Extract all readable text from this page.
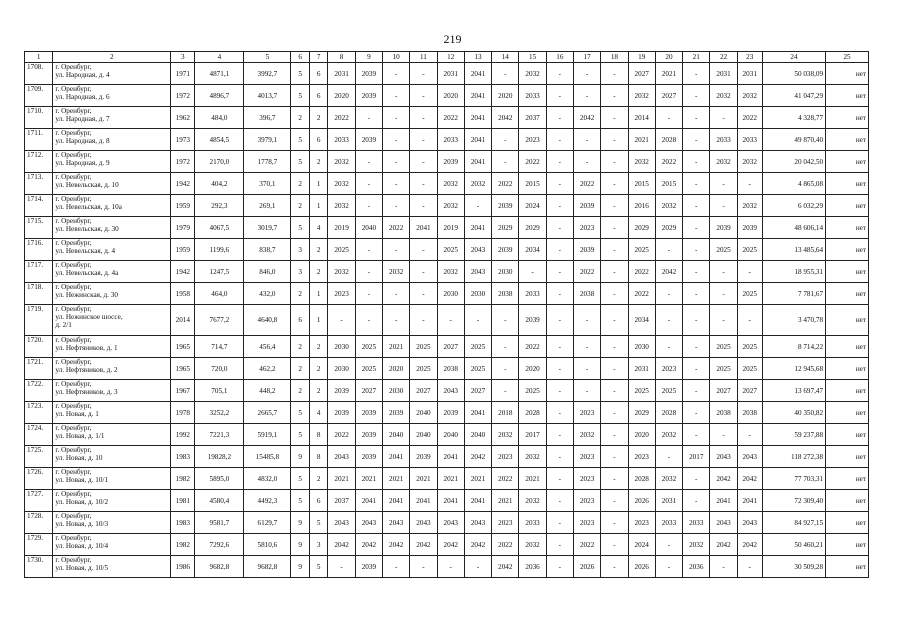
219
1	2	3	4	5	6	7	8	9	10	11	12	13	14	15	16	17	18	19	20	21	22	23	24	25
1708.	г. Оренбург,
ул. Народная, д. 4	1971	4871,1	3992,7	5	6	2031	2039	-	-	2031	2041	-	2032	-	-	-	2027	2021	-	2031	2031	50 038,09	нет
1709.	г. Оренбург,
ул. Народная, д. 6	1972	4896,7	4013,7	5	6	2020	2039	-	-	2020	2041	2020	2033	-	-	-	2032	2027	-	2032	2032	41 047,29	нет
1710.	г. Оренбург,
ул. Народная, д. 7	1962	484,0	396,7	2	2	2022	-	-	-	2022	2041	2042	2037	-	2042	-	2014	-	-	-	2022	4 328,77	нет
1711.	г. Оренбург,
ул. Народная, д. 8	1973	4854,5	3979,1	5	6	2033	2039	-	-	2033	2041	-	2023	-	-	-	2021	2028	-	2033	2033	49 870,40	нет
1712.	г. Оренбург,
ул. Народная, д. 9	1972	2170,0	1778,7	5	2	2032	-	-	-	2039	2041	-	2022	-	-	-	2032	2022	-	2032	2032	20 042,50	нет
1713.	г. Оренбург,
ул. Невельская, д. 10	1942	404,2	370,1	2	1	2032	-	-	-	2032	2032	2022	2015	-	2022	-	2015	2015	-	-	-	4 865,08	нет
1714.	г. Оренбург,
ул. Невельская, д. 10а	1959	292,3	269,1	2	1	2032	-	-	-	2032	-	2039	2024	-	2039	-	2016	2032	-	-	2032	6 032,29	нет
1715.	г. Оренбург,
ул. Невельская, д. 30	1979	4067,5	3019,7	5	4	2019	2040	2022	2041	2019	2041	2029	2029	-	2023	-	2029	2029	-	2039	2039	48 606,14	нет
1716.	г. Оренбург,
ул. Невельская, д. 4	1959	1199,6	838,7	3	2	2025	-	-	-	2025	2043	2039	2034	-	2039	-	2025	-	-	2025	2025	13 485,64	нет
1717.	г. Оренбург,
ул. Невельская, д. 4а	1942	1247,5	846,0	3	2	2032	-	2032	-	2032	2043	2030	-	-	2022	-	2022	2042	-	-	-	18 955,31	нет
1718.	г. Оренбург,
ул. Нежинская, д. 30	1958	464,0	432,0	2	1	2023	-	-	-	2030	2030	2038	2033	-	2038	-	2022	-	-	-	2025	7 781,67	нет
1719.	г. Оренбург,
ул. Нежинское шоссе,
д. 2/1	2014	7677,2	4640,8	6	1	-	-	-	-	-	-	-	2039	-	-	-	2034	-	-	-	-	3 470,78	нет
1720.	г. Оренбург,
ул. Нефтяников, д. 1	1965	714,7	456,4	2	2	2030	2025	2021	2025	2027	2025	-	2022	-	-	-	2030	-	-	2025	2025	8 714,22	нет
1721.	г. Оренбург,
ул. Нефтяников, д. 2	1965	720,0	462,2	2	2	2030	2025	2020	2025	2038	2025	-	2020	-	-	-	2031	2023	-	2025	2025	12 945,68	нет
1722.	г. Оренбург,
ул. Нефтяников, д. 3	1967	705,1	448,2	2	2	2039	2027	2030	2027	2043	2027	-	2025	-	-	-	2025	2025	-	2027	2027	13 697,47	нет
1723.	г. Оренбург,
ул. Новая, д. 1	1978	3252,2	2665,7	5	4	2039	2039	2039	2040	2039	2041	2018	2028	-	2023	-	2029	2028	-	2038	2038	40 350,82	нет
1724.	г. Оренбург,
ул. Новая, д. 1/1	1992	7221,3	5919,1	5	8	2022	2039	2040	2040	2040	2040	2032	2017	-	2032	-	2020	2032	-	-	-	59 237,88	нет
1725.	г. Оренбург,
ул. Новая, д. 10	1983	19828,2	15485,8	9	8	2043	2039	2041	2039	2041	2042	2023	2032	-	2023	-	2023	-	2017	2043	2043	118 272,38	нет
1726.	г. Оренбург,
ул. Новая, д. 10/1	1982	5895,0	4832,0	5	2	2021	2021	2021	2021	2021	2021	2022	2021	-	2023	-	2028	2032	-	2042	2042	77 703,31	нет
1727.	г. Оренбург,
ул. Новая, д. 10/2	1981	4580,4	4492,3	5	6	2037	2041	2041	2041	2041	2041	2021	2032	-	2023	-	2026	2031	-	2041	2041	72 309,40	нет
1728.	г. Оренбург,
ул. Новая, д. 10/3	1983	9581,7	6129,7	9	5	2043	2043	2043	2043	2043	2043	2023	2033	-	2023	-	2023	2033	2033	2043	2043	84 927,15	нет
1729.	г. Оренбург,
ул. Новая, д. 10/4	1982	7292,6	5810,6	9	3	2042	2042	2042	2042	2042	2042	2022	2032	-	2022	-	2024	-	2032	2042	2042	50 460,21	нет
1730.	г. Оренбург,
ул. Новая, д. 10/5	1986	9682,8	9682,8	9	5	-	2039	-	-	-	-	2042	2036	-	2026	-	2026	-	2036	-	-	30 509,28	нет
